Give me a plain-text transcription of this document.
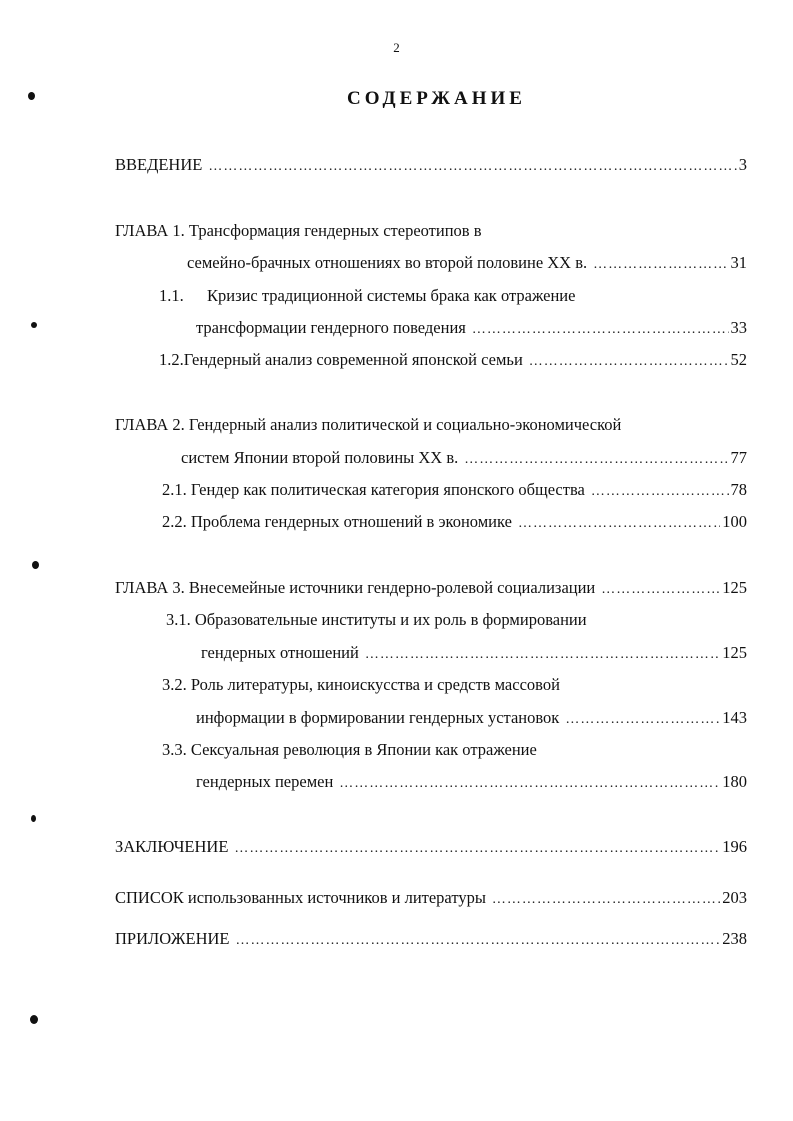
2
СОДЕРЖАНИЕ
ВВЕДЕНИЕ ………………………………………………………………………………………………………………………………………………………………………………	3
ГЛАВА 1. Трансформация гендерных стереотипов в
семейно-брачных отношениях во второй половине XX в. ………………………………………………………………………………………………………………………………………………………………………………	31
1.1. Кризис традиционной системы брака как отражение
трансформации гендерного поведения ………………………………………………………………………………………………………………………………………………………………………………	33
1.2. Гендерный анализ современной японской семьи ………………………………………………………………………………………………………………………………………………………………………………	52
ГЛАВА 2. Гендерный анализ политической и социально-экономической
систем Японии второй половины XX в. ………………………………………………………………………………………………………………………………………………………………………………	77
2.1. Гендер как политическая категория японского общества ………………………………………………………………………………………………………………………………………………………………………………	78
2.2. Проблема гендерных отношений в экономике ………………………………………………………………………………………………………………………………………………………………………………	100
ГЛАВА 3. Внесемейные источники гендерно-ролевой социализации ………………………………………………………………………………………………………………………………………………………………………………	125
3.1. Образовательные институты и их роль в формировании
гендерных отношений ………………………………………………………………………………………………………………………………………………………………………………	125
3.2. Роль литературы, киноискусства и средств массовой
информации в формировании гендерных установок ………………………………………………………………………………………………………………………………………………………………………………	143
3.3. Сексуальная революция в Японии как отражение
гендерных перемен ………………………………………………………………………………………………………………………………………………………………………………	180
ЗАКЛЮЧЕНИЕ ………………………………………………………………………………………………………………………………………………………………………………	196
СПИСОК использованных источников и литературы ………………………………………………………………………………………………………………………………………………………………………………	203
ПРИЛОЖЕНИЕ ………………………………………………………………………………………………………………………………………………………………………………	238
